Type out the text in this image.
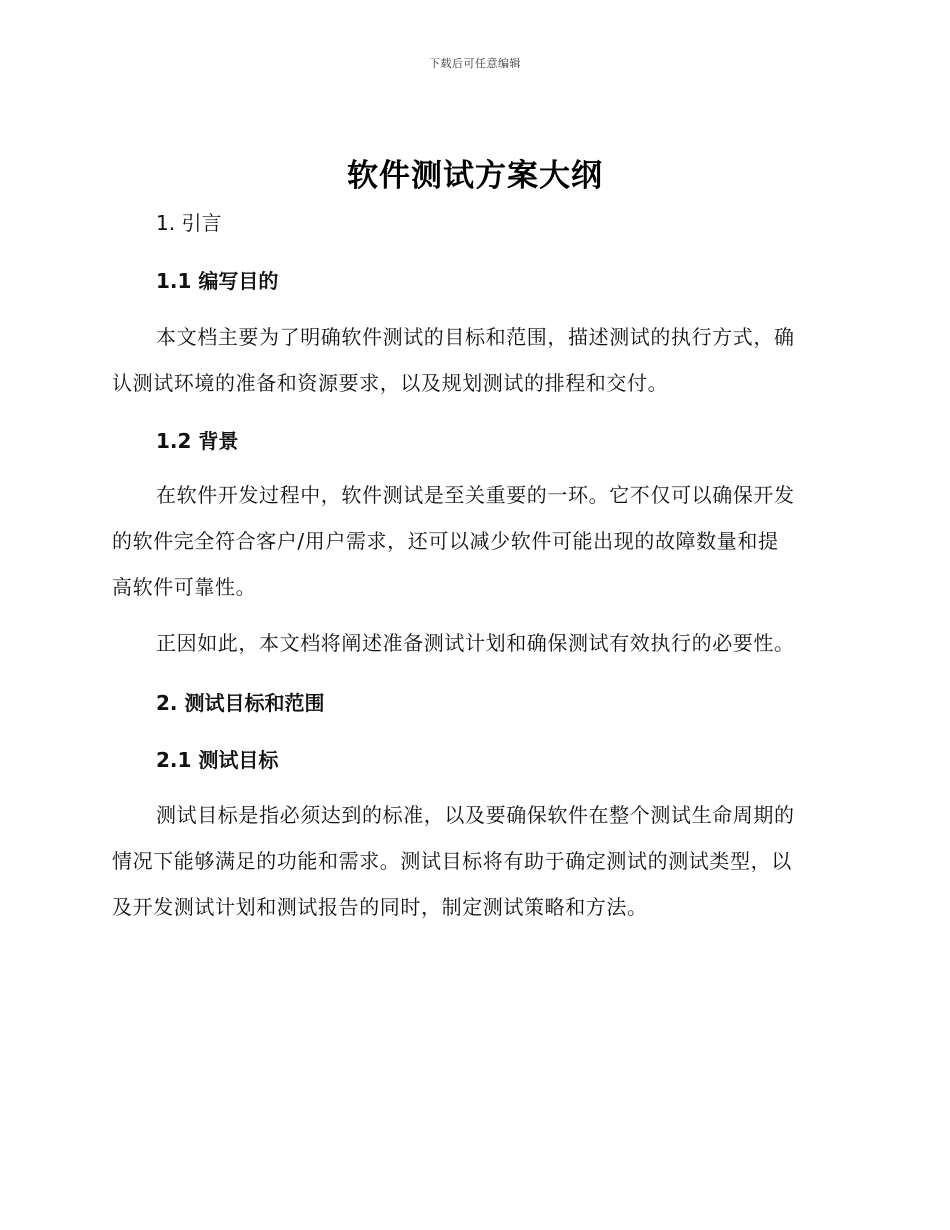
下载后可任意编辑
软件测试方案大纲
1. 引言
1.1 编写目的
本文档主要为了明确软件测试的目标和范围，描述测试的执行方式，确
认测试环境的准备和资源要求，以及规划测试的排程和交付。
1.2 背景
在软件开发过程中，软件测试是至关重要的一环。它不仅可以确保开发
的软件完全符合客户/用户需求，还可以减少软件可能出现的故障数量和提
高软件可靠性。
正因如此，本文档将阐述准备测试计划和确保测试有效执行的必要性。
2. 测试目标和范围
2.1 测试目标
测试目标是指必须达到的标准，以及要确保软件在整个测试生命周期的
情况下能够满足的功能和需求。测试目标将有助于确定测试的测试类型，以
及开发测试计划和测试报告的同时，制定测试策略和方法。
